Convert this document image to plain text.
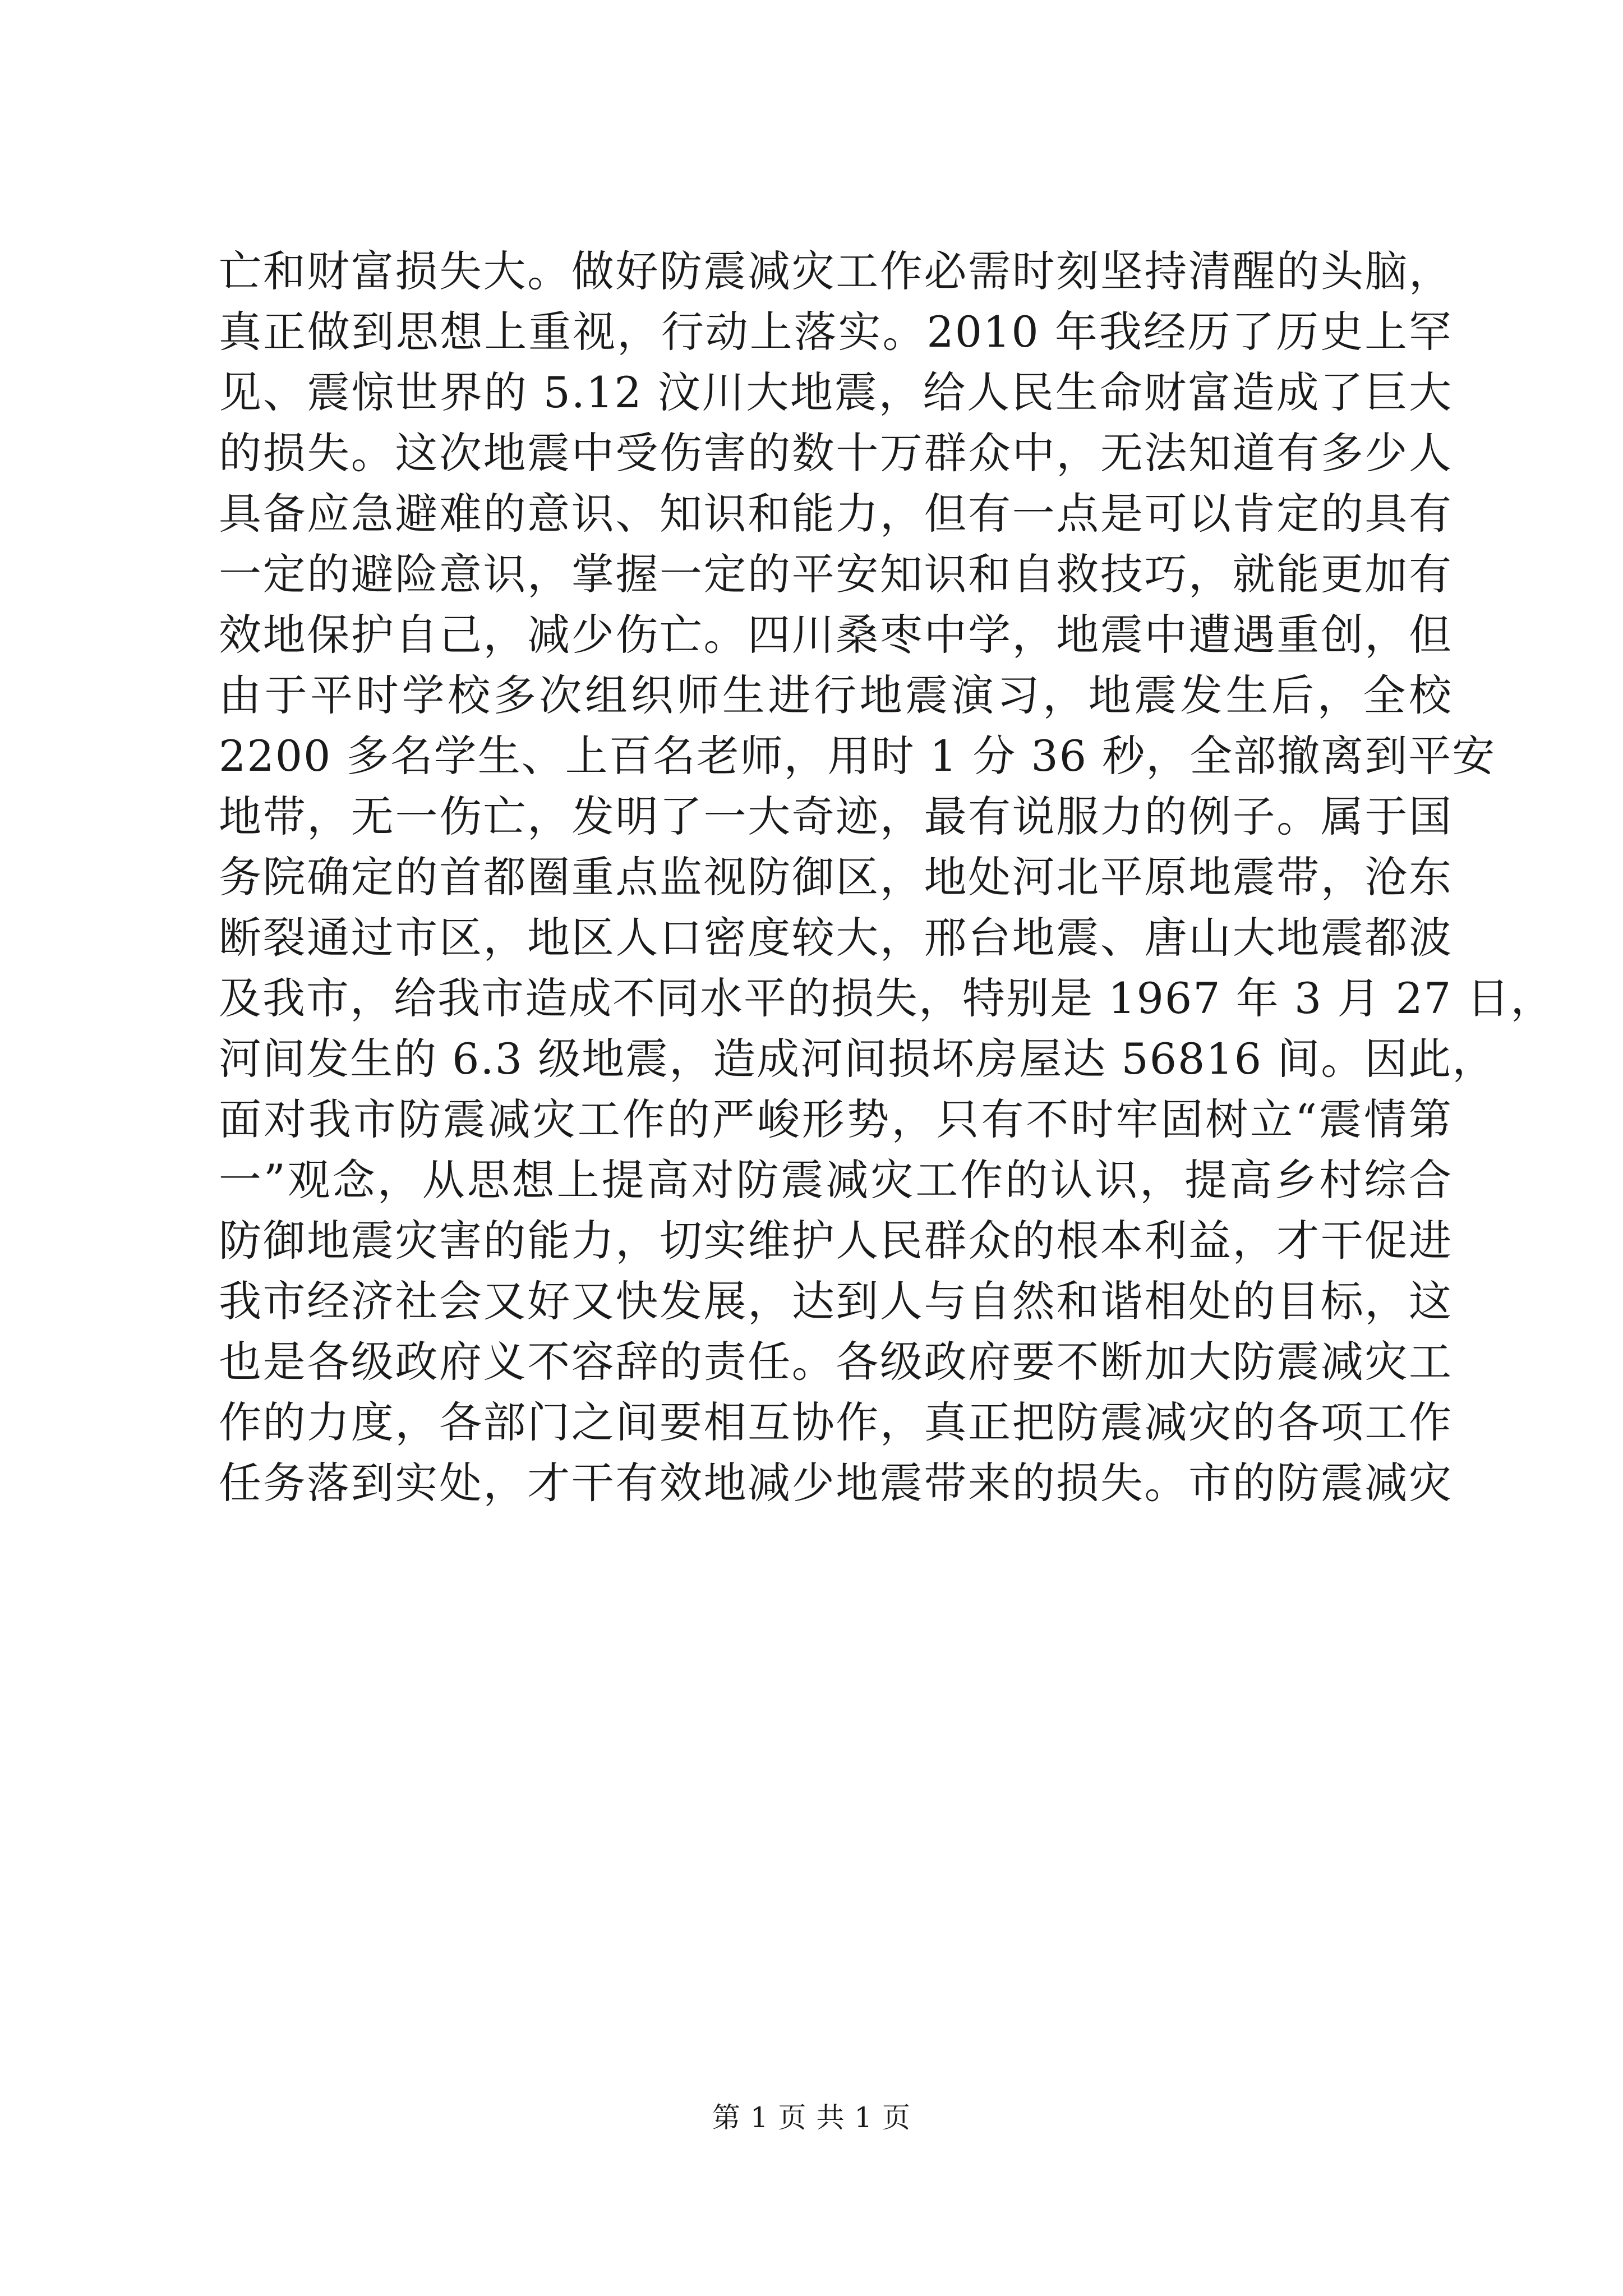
亡和财富损失大。做好防震减灾工作必需时刻坚持清醒的头脑，
真正做到思想上重视，行动上落实。2010 年我经历了历史上罕
见、震惊世界的 5.12 汶川大地震，给人民生命财富造成了巨大
的损失。这次地震中受伤害的数十万群众中，无法知道有多少人
具备应急避难的意识、知识和能力，但有一点是可以肯定的具有
一定的避险意识，掌握一定的平安知识和自救技巧，就能更加有
效地保护自己，减少伤亡。四川桑枣中学，地震中遭遇重创，但
由于平时学校多次组织师生进行地震演习，地震发生后，全校
2200 多名学生、上百名老师，用时 1 分 36 秒，全部撤离到平安
地带，无一伤亡，发明了一大奇迹，最有说服力的例子。属于国
务院确定的首都圈重点监视防御区，地处河北平原地震带，沧东
断裂通过市区，地区人口密度较大，邢台地震、唐山大地震都波
及我市，给我市造成不同水平的损失，特别是 1967 年 3 月 27 日，
河间发生的 6.3 级地震，造成河间损坏房屋达 56816 间。因此，
面对我市防震减灾工作的严峻形势，只有不时牢固树立“震情第
一”观念，从思想上提高对防震减灾工作的认识，提高乡村综合
防御地震灾害的能力，切实维护人民群众的根本利益，才干促进
我市经济社会又好又快发展，达到人与自然和谐相处的目标，这
也是各级政府义不容辞的责任。各级政府要不断加大防震减灾工
作的力度，各部门之间要相互协作，真正把防震减灾的各项工作
任务落到实处，才干有效地减少地震带来的损失。市的防震减灾
第 1 页 共 1 页
